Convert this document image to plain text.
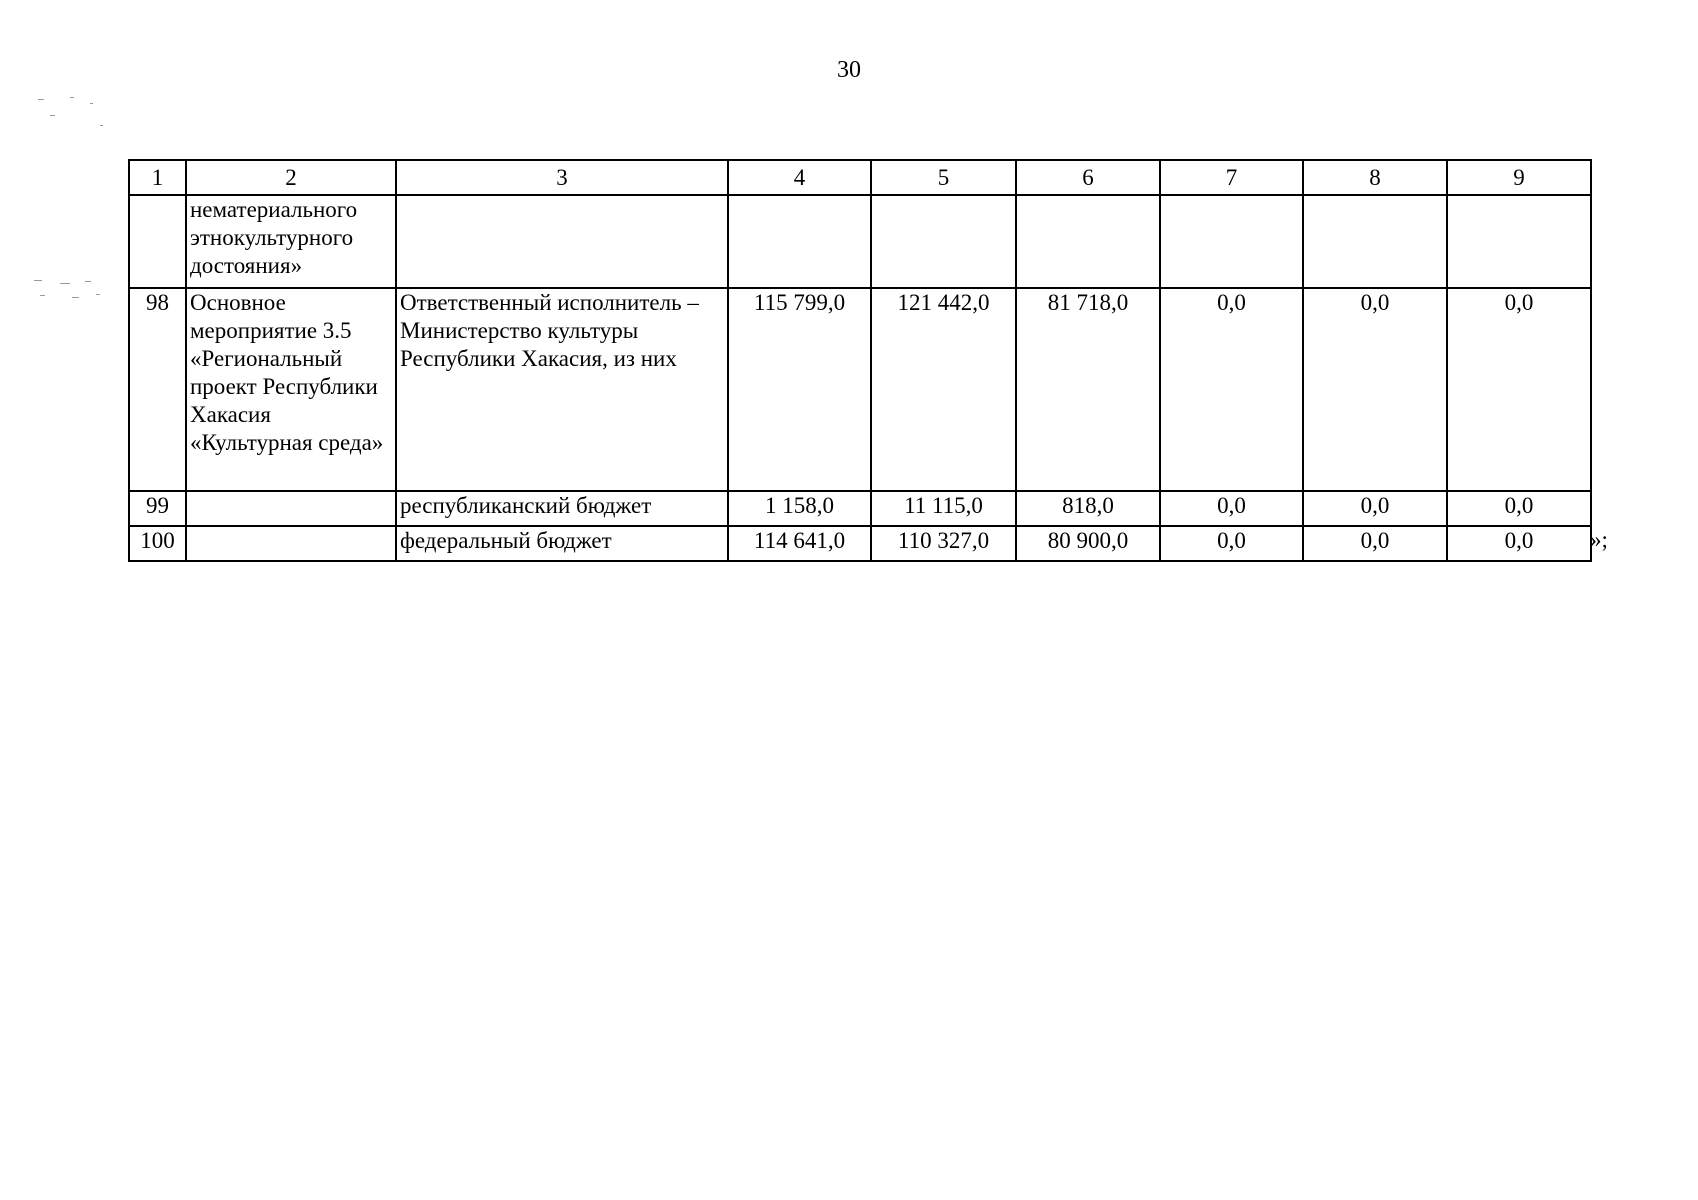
30
1	2	3	4	5	6	7	8	9
	нематериального этнокультурного достояния»							
98	Основное мероприятие 3.5 «Региональный проект Республики Хакасия «Культурная среда»	Ответственный исполнитель – Министерство культуры Республики Хакасия, из них	115 799,0	121 442,0	81 718,0	0,0	0,0	0,0
99		республиканский бюджет	1 158,0	11 115,0	818,0	0,0	0,0	0,0
100		федеральный бюджет	114 641,0	110 327,0	80 900,0	0,0	0,0	0,0 »;
